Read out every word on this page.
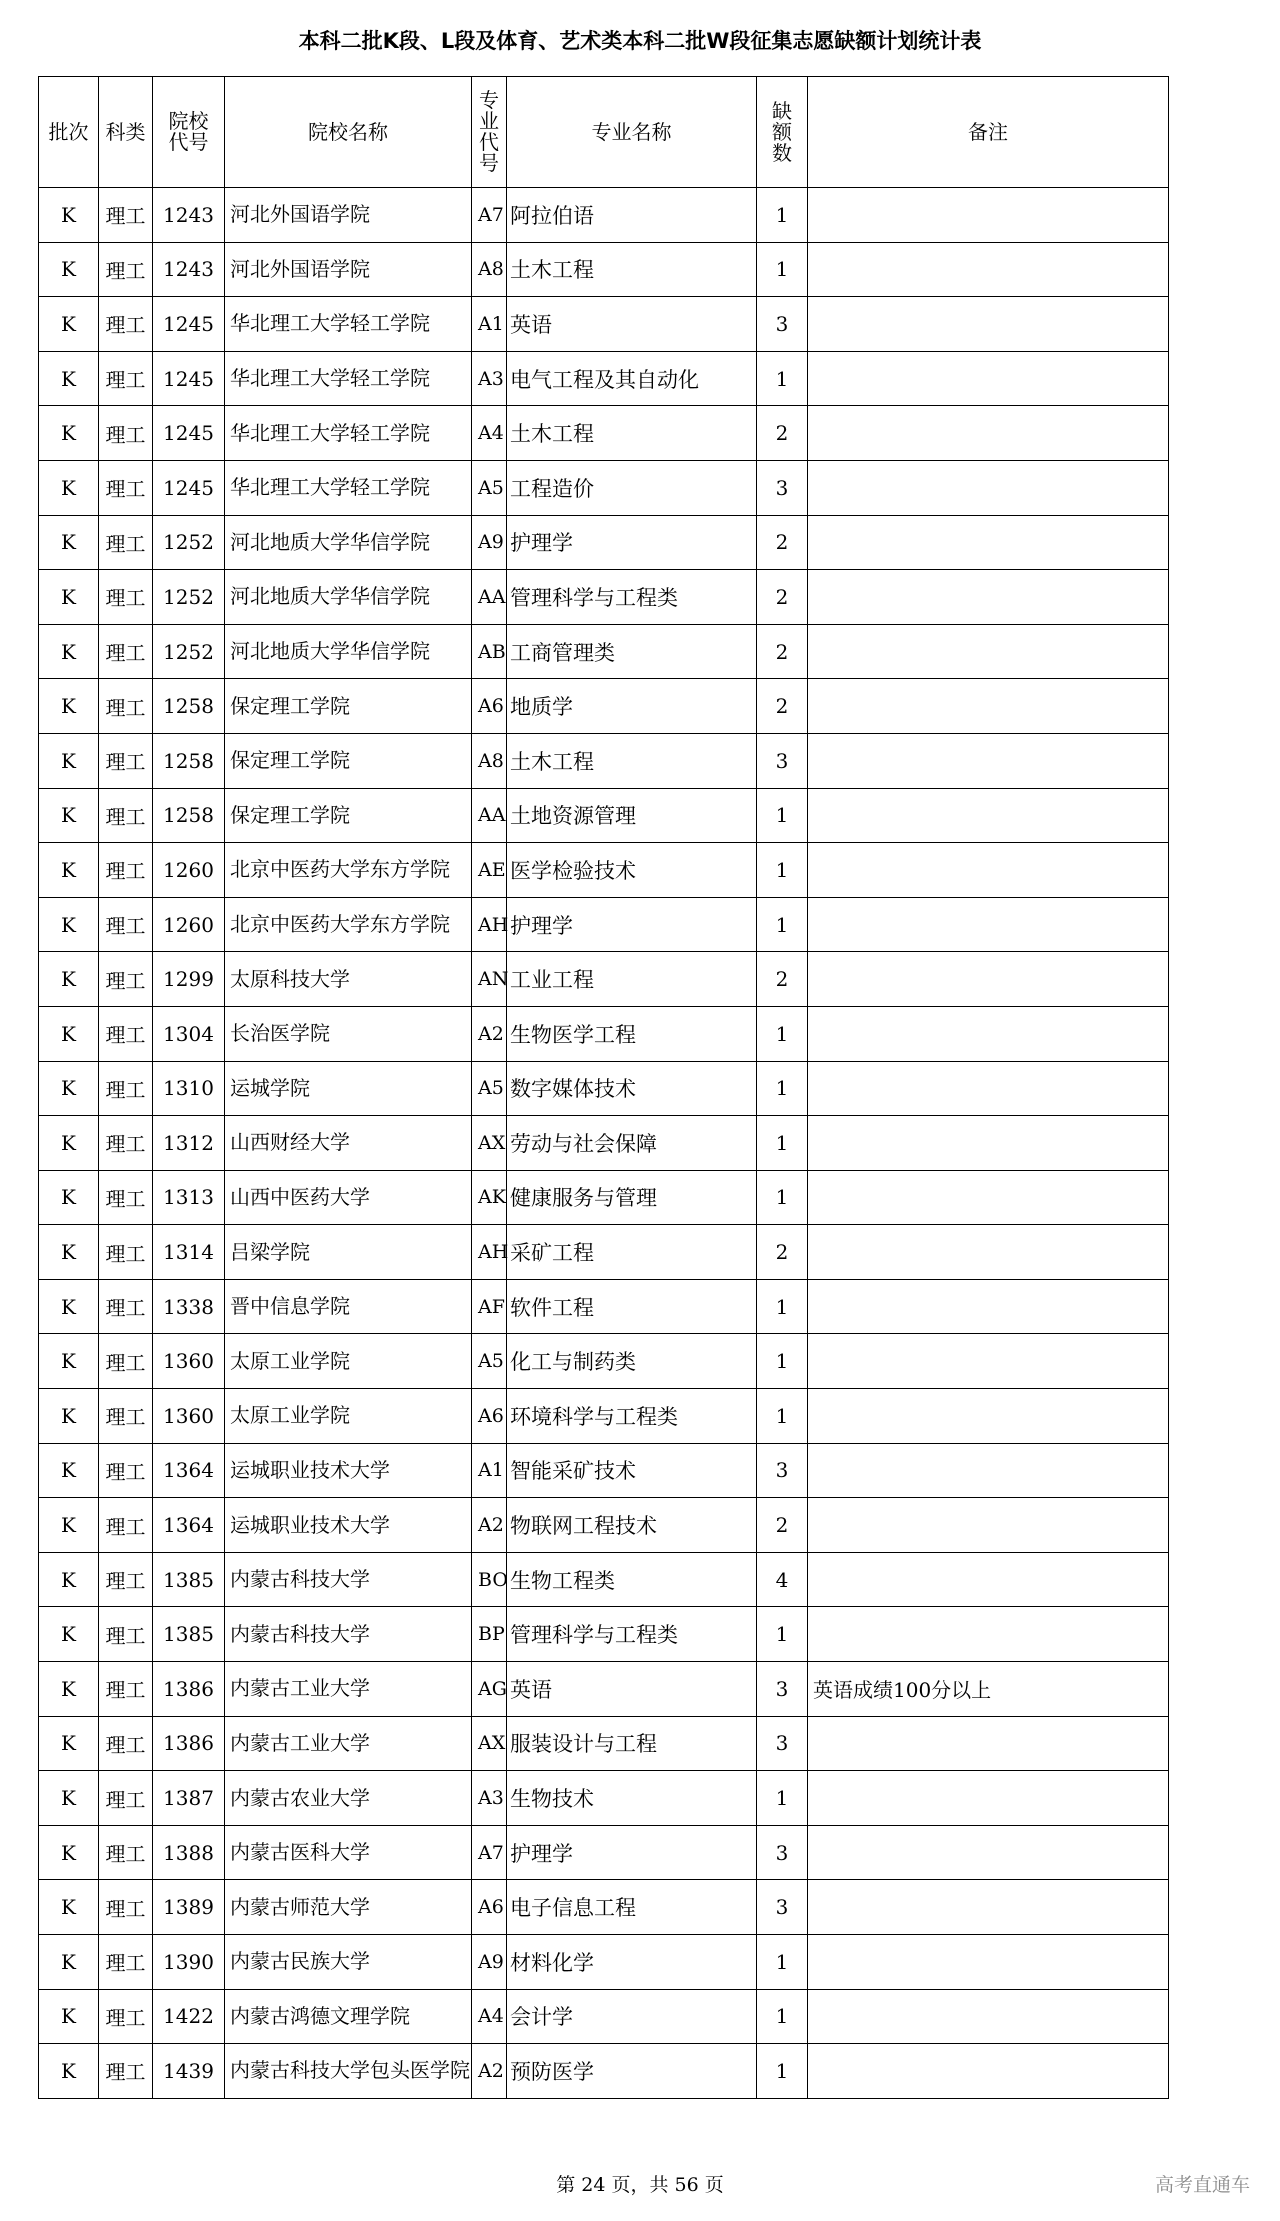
本科二批K段、L段及体育、艺术类本科二批W段征集志愿缺额计划统计表
批次	科类	院校代号	院校名称	专业代号	专业名称	缺额数	备注
K	理工	1243	河北外国语学院	A7	阿拉伯语	1	
K	理工	1243	河北外国语学院	A8	土木工程	1	
K	理工	1245	华北理工大学轻工学院	A1	英语	3	
K	理工	1245	华北理工大学轻工学院	A3	电气工程及其自动化	1	
K	理工	1245	华北理工大学轻工学院	A4	土木工程	2	
K	理工	1245	华北理工大学轻工学院	A5	工程造价	3	
K	理工	1252	河北地质大学华信学院	A9	护理学	2	
K	理工	1252	河北地质大学华信学院	AA	管理科学与工程类	2	
K	理工	1252	河北地质大学华信学院	AB	工商管理类	2	
K	理工	1258	保定理工学院	A6	地质学	2	
K	理工	1258	保定理工学院	A8	土木工程	3	
K	理工	1258	保定理工学院	AA	土地资源管理	1	
K	理工	1260	北京中医药大学东方学院	AE	医学检验技术	1	
K	理工	1260	北京中医药大学东方学院	AH	护理学	1	
K	理工	1299	太原科技大学	AN	工业工程	2	
K	理工	1304	长治医学院	A2	生物医学工程	1	
K	理工	1310	运城学院	A5	数字媒体技术	1	
K	理工	1312	山西财经大学	AX	劳动与社会保障	1	
K	理工	1313	山西中医药大学	AK	健康服务与管理	1	
K	理工	1314	吕梁学院	AH	采矿工程	2	
K	理工	1338	晋中信息学院	AF	软件工程	1	
K	理工	1360	太原工业学院	A5	化工与制药类	1	
K	理工	1360	太原工业学院	A6	环境科学与工程类	1	
K	理工	1364	运城职业技术大学	A1	智能采矿技术	3	
K	理工	1364	运城职业技术大学	A2	物联网工程技术	2	
K	理工	1385	内蒙古科技大学	BO	生物工程类	4	
K	理工	1385	内蒙古科技大学	BP	管理科学与工程类	1	
K	理工	1386	内蒙古工业大学	AG	英语	3	英语成绩100分以上
K	理工	1386	内蒙古工业大学	AX	服装设计与工程	3	
K	理工	1387	内蒙古农业大学	A3	生物技术	1	
K	理工	1388	内蒙古医科大学	A7	护理学	3	
K	理工	1389	内蒙古师范大学	A6	电子信息工程	3	
K	理工	1390	内蒙古民族大学	A9	材料化学	1	
K	理工	1422	内蒙古鸿德文理学院	A4	会计学	1	
K	理工	1439	内蒙古科技大学包头医学院	A2	预防医学	1	
第 24 页，共 56 页	高考直通车
